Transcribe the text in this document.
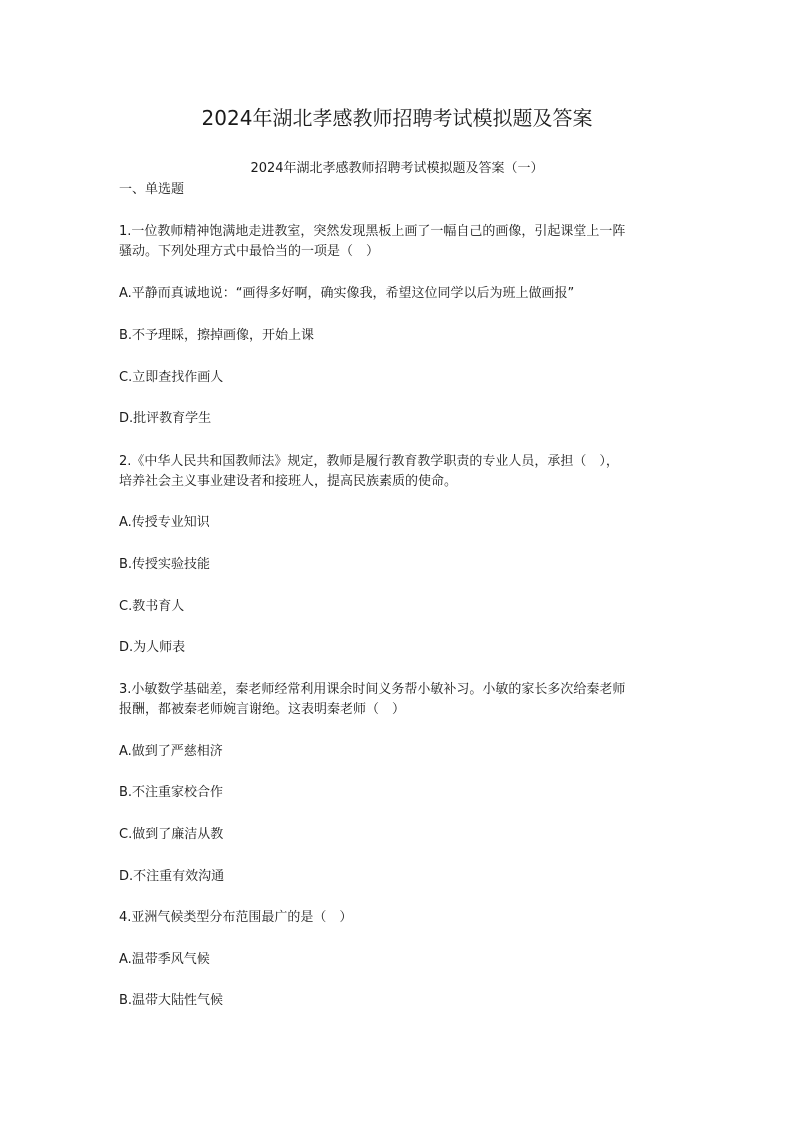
2024年湖北孝感教师招聘考试模拟题及答案

2024年湖北孝感教师招聘考试模拟题及答案（一）

一、单选题

1.一位教师精神饱满地走进教室，突然发现黑板上画了一幅自己的画像，引起课堂上一阵

骚动。下列处理方式中最恰当的一项是（　）

A.平静而真诚地说：“画得多好啊，确实像我，希望这位同学以后为班上做画报”

B.不予理睬，擦掉画像，开始上课

C.立即查找作画人

D.批评教育学生

2.《中华人民共和国教师法》规定，教师是履行教育教学职责的专业人员，承担（　），

培养社会主义事业建设者和接班人，提高民族素质的使命。

A.传授专业知识

B.传授实验技能

C.教书育人

D.为人师表

3.小敏数学基础差，秦老师经常利用课余时间义务帮小敏补习。小敏的家长多次给秦老师

报酬，都被秦老师婉言谢绝。这表明秦老师（　）

A.做到了严慈相济

B.不注重家校合作

C.做到了廉洁从教

D.不注重有效沟通

4.亚洲气候类型分布范围最广的是（　）

A.温带季风气候

B.温带大陆性气候
